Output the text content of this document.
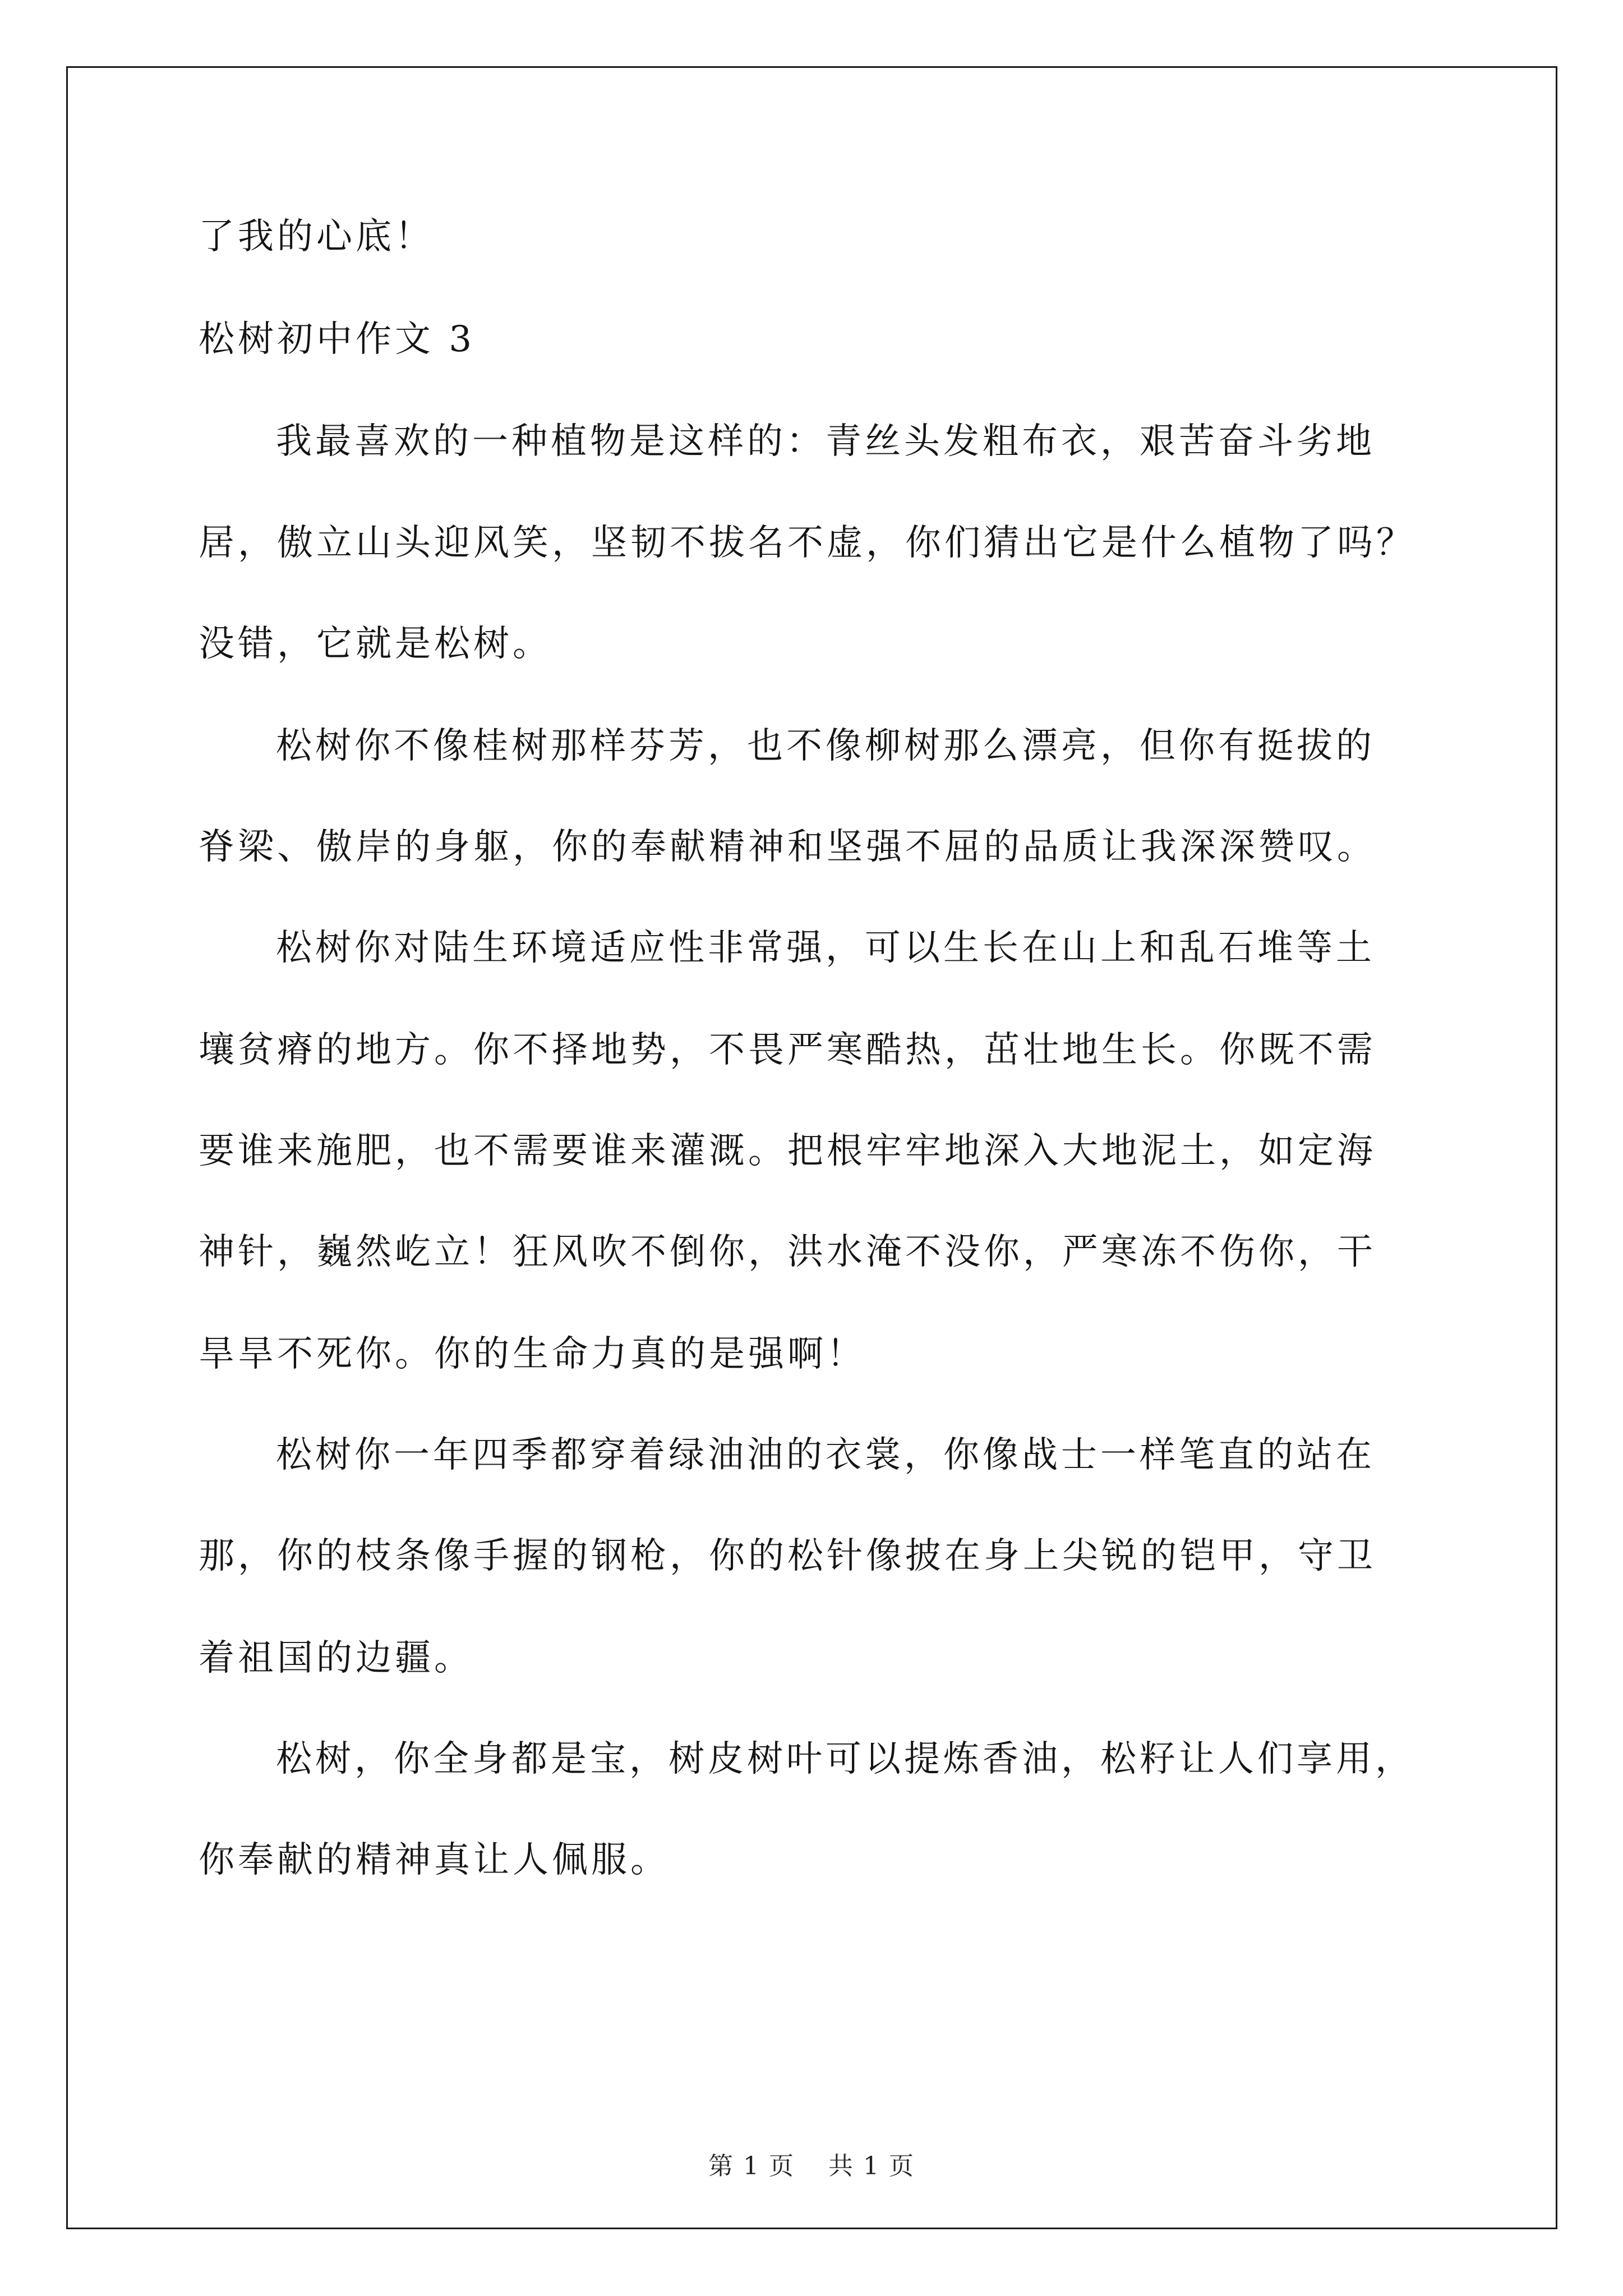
了我的心底！
松树初中作文 3
我最喜欢的一种植物是这样的：青丝头发粗布衣，艰苦奋斗劣地
居，傲立山头迎风笑，坚韧不拔名不虚，你们猜出它是什么植物了吗？
没错，它就是松树。
松树你不像桂树那样芬芳，也不像柳树那么漂亮，但你有挺拔的
脊梁、傲岸的身躯，你的奉献精神和坚强不屈的品质让我深深赞叹。
松树你对陆生环境适应性非常强，可以生长在山上和乱石堆等土
壤贫瘠的地方。你不择地势，不畏严寒酷热，茁壮地生长。你既不需
要谁来施肥，也不需要谁来灌溉。把根牢牢地深入大地泥土，如定海
神针，巍然屹立！狂风吹不倒你，洪水淹不没你，严寒冻不伤你，干
旱旱不死你。你的生命力真的是强啊！
松树你一年四季都穿着绿油油的衣裳，你像战士一样笔直的站在
那，你的枝条像手握的钢枪，你的松针像披在身上尖锐的铠甲，守卫
着祖国的边疆。
松树，你全身都是宝，树皮树叶可以提炼香油，松籽让人们享用，
你奉献的精神真让人佩服。
第 1 页 共 1 页
